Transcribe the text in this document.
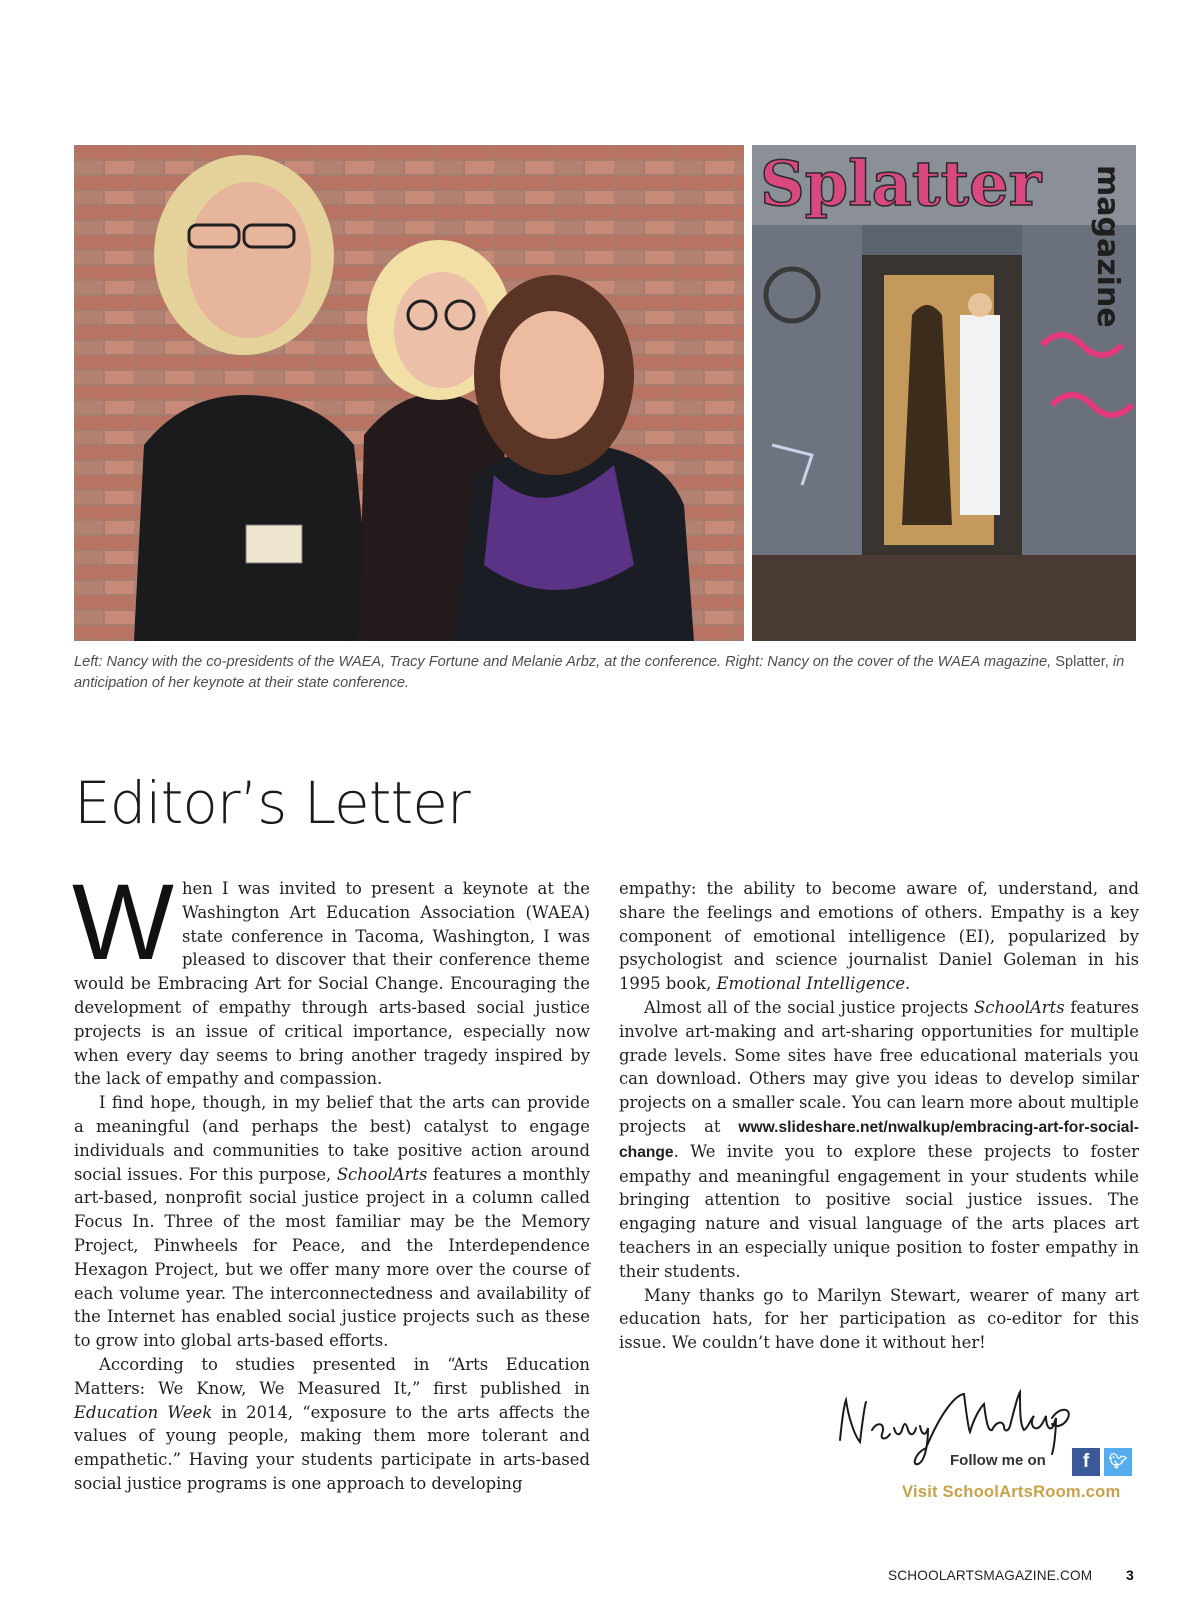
Splatter magazine
Left: Nancy with the co-presidents of the WAEA, Tracy Fortune and Melanie Arbz, at the conference. Right: Nancy on the cover of the WAEA magazine, Splatter, in anticipation of her keynote at their state conference.
Editor’s Letter

When I was invited to present a keynote at the Washington Art Education Association (WAEA) state conference in Tacoma, Washington, I was pleased to discover that their conference theme would be Embracing Art for Social Change. Encouraging the development of empathy through arts-based social justice projects is an issue of critical importance, especially now when every day seems to bring another tragedy inspired by the lack of empathy and compassion.

I find hope, though, in my belief that the arts can provide a meaningful (and perhaps the best) catalyst to engage individuals and communities to take positive action around social issues. For this purpose, SchoolArts features a monthly art-based, nonprofit social justice project in a column called Focus In. Three of the most familiar may be the Memory Project, Pinwheels for Peace, and the Interdependence Hexagon Project, but we offer many more over the course of each volume year. The interconnectedness and availability of the Internet has enabled social justice projects such as these to grow into global arts-based efforts.

According to studies presented in “Arts Education Matters: We Know, We Measured It,” first published in Education Week in 2014, “exposure to the arts affects the values of young people, making them more tolerant and empathetic.” Having your students participate in arts-based social justice programs is one approach to developing

empathy: the ability to become aware of, understand, and share the feelings and emotions of others. Empathy is a key component of emotional intelligence (EI), popularized by psychologist and science journalist Daniel Goleman in his 1995 book, Emotional Intelligence.

Almost all of the social justice projects SchoolArts features involve art-making and art-sharing opportunities for multiple grade levels. Some sites have free educational materials you can download. Others may give you ideas to develop similar projects on a smaller scale. You can learn more about multiple projects at www.slideshare.net/nwalkup/embracing-art-for-social-change. We invite you to explore these projects to foster empathy and meaningful engagement in your students while bringing attention to positive social justice issues. The engaging nature and visual language of the arts places art teachers in an especially unique position to foster empathy in their students.

Many thanks go to Marilyn Stewart, wearer of many art education hats, for her participation as co-editor for this issue. We couldn’t have done it without her!

Follow me on	f	🐦︎
Visit SchoolArtsRoom.com
SCHOOLARTSMAGAZINE.COM 3
